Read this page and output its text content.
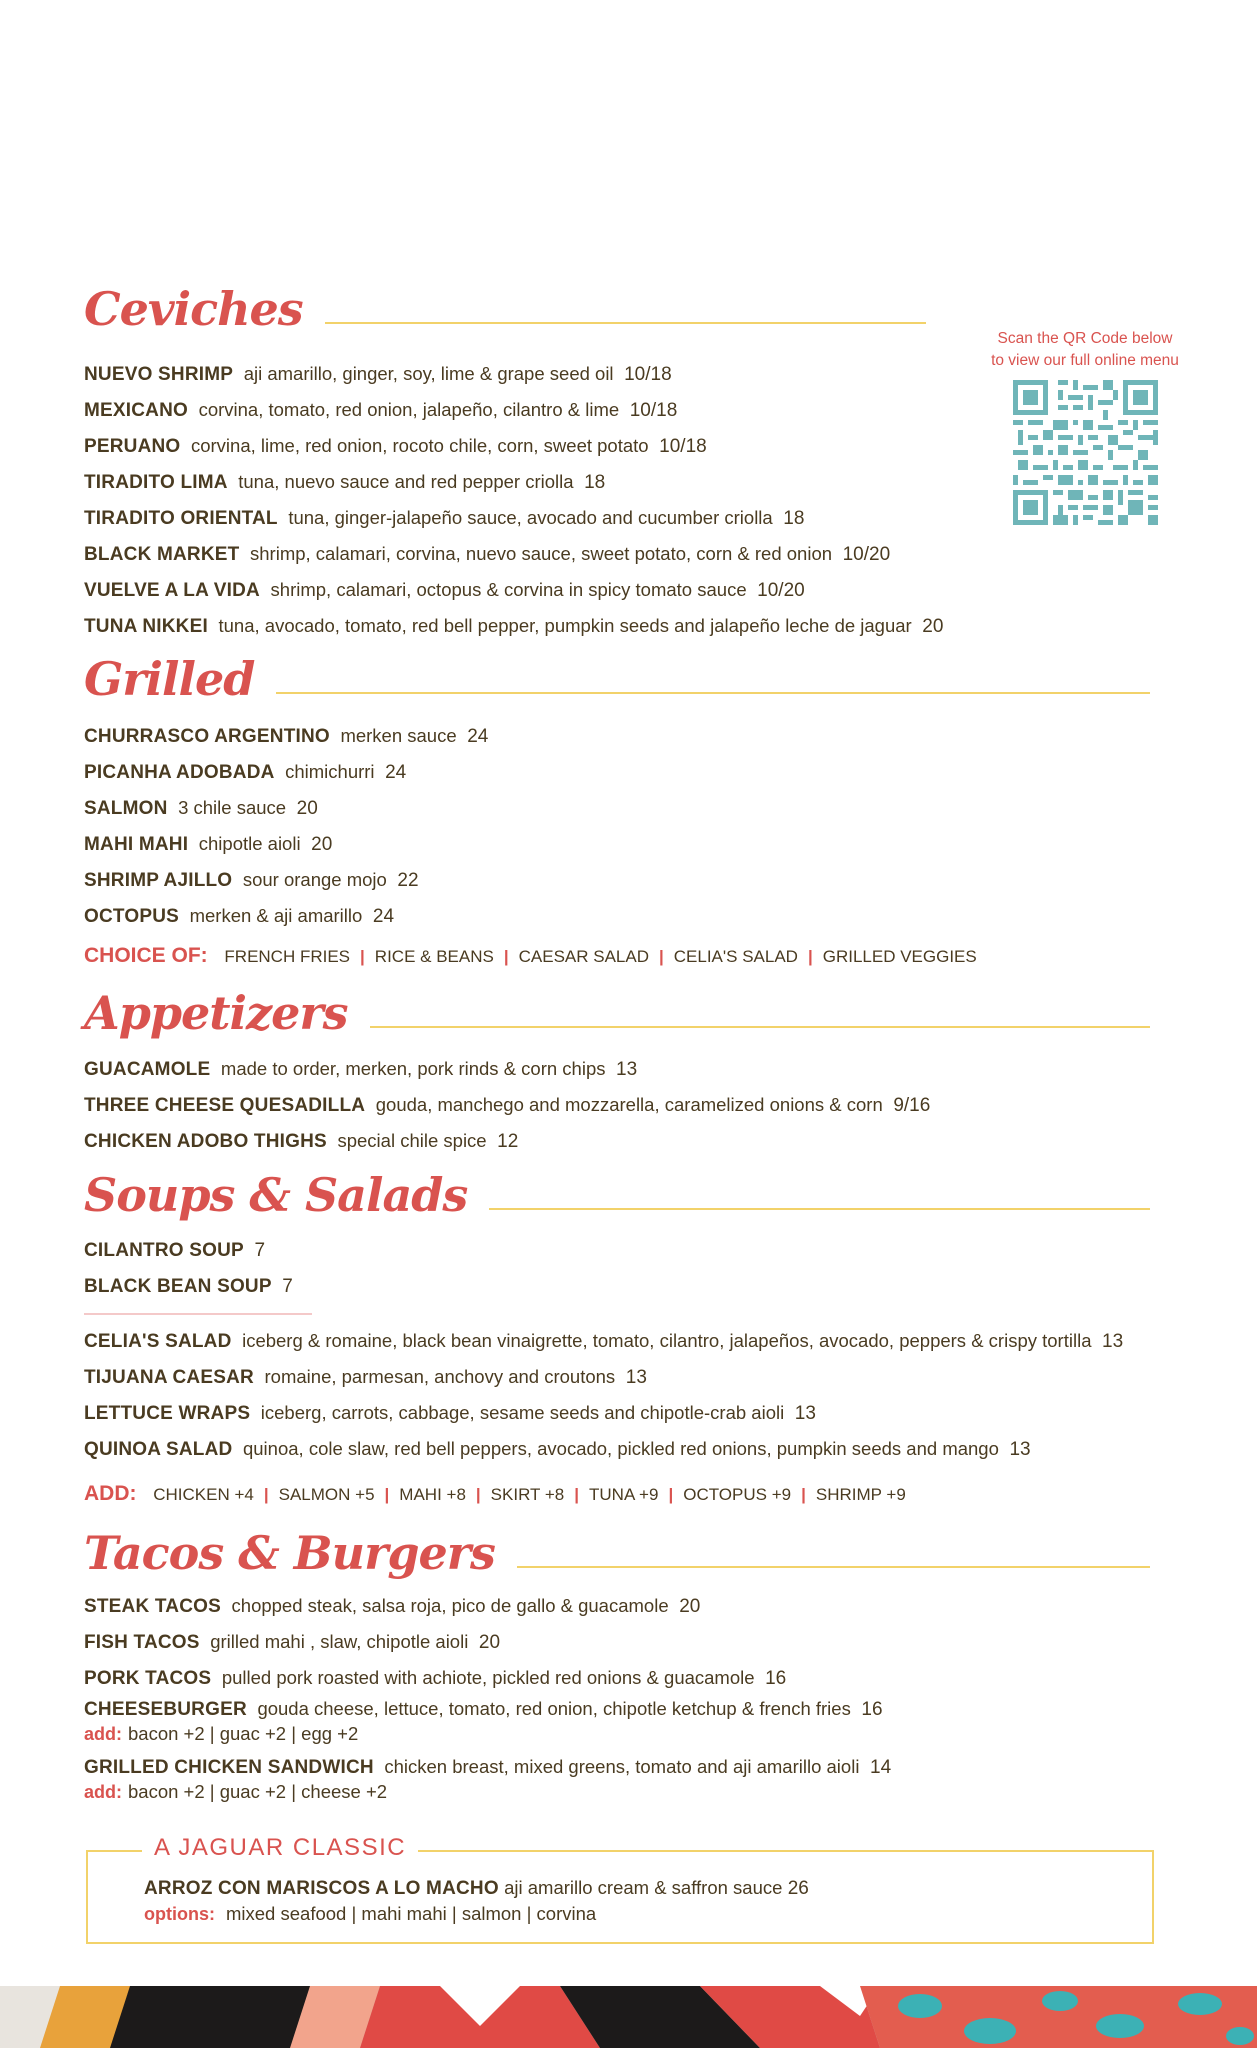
Scan the QR Code below
to view our full online menu
Ceviches
NUEVO SHRIMP aji amarillo, ginger, soy, lime & grape seed oil 10/18
MEXICANO corvina, tomato, red onion, jalapeño, cilantro & lime 10/18
PERUANO corvina, lime, red onion, rocoto chile, corn, sweet potato 10/18
TIRADITO LIMA tuna, nuevo sauce and red pepper criolla 18
TIRADITO ORIENTAL tuna, ginger-jalapeño sauce, avocado and cucumber criolla 18
BLACK MARKET shrimp, calamari, corvina, nuevo sauce, sweet potato, corn & red onion 10/20
VUELVE A LA VIDA shrimp, calamari, octopus & corvina in spicy tomato sauce 10/20
TUNA NIKKEI tuna, avocado, tomato, red bell pepper, pumpkin seeds and jalapeño leche de jaguar 20
Grilled
CHURRASCO ARGENTINO merken sauce 24
PICANHA ADOBADA chimichurri 24
SALMON 3 chile sauce 20
MAHI MAHI chipotle aioli 20
SHRIMP AJILLO sour orange mojo 22
OCTOPUS merken & aji amarillo 24
CHOICE OF: FRENCH FRIES | RICE & BEANS | CAESAR SALAD | CELIA'S SALAD | GRILLED VEGGIES
Appetizers
GUACAMOLE made to order, merken, pork rinds & corn chips 13
THREE CHEESE QUESADILLA gouda, manchego and mozzarella, caramelized onions & corn 9/16
CHICKEN ADOBO THIGHS special chile spice 12
Soups & Salads
CILANTRO SOUP 7
BLACK BEAN SOUP 7
CELIA'S SALAD iceberg & romaine, black bean vinaigrette, tomato, cilantro, jalapeños, avocado, peppers & crispy tortilla 13
TIJUANA CAESAR romaine, parmesan, anchovy and croutons 13
LETTUCE WRAPS iceberg, carrots, cabbage, sesame seeds and chipotle-crab aioli 13
QUINOA SALAD quinoa, cole slaw, red bell peppers, avocado, pickled red onions, pumpkin seeds and mango 13
ADD: CHICKEN +4 | SALMON +5 | MAHI +8 | SKIRT +8 | TUNA +9 | OCTOPUS +9 | SHRIMP +9
Tacos & Burgers
STEAK TACOS chopped steak, salsa roja, pico de gallo & guacamole 20
FISH TACOS grilled mahi , slaw, chipotle aioli 20
PORK TACOS pulled pork roasted with achiote, pickled red onions & guacamole 16
CHEESEBURGER gouda cheese, lettuce, tomato, red onion, chipotle ketchup & french fries 16
add: bacon +2 | guac +2 | egg +2
GRILLED CHICKEN SANDWICH chicken breast, mixed greens, tomato and aji amarillo aioli 14
add: bacon +2 | guac +2 | cheese +2
A JAGUAR CLASSIC
ARROZ CON MARISCOS A LO MACHO aji amarillo cream & saffron sauce 26
options: mixed seafood | mahi mahi | salmon | corvina
